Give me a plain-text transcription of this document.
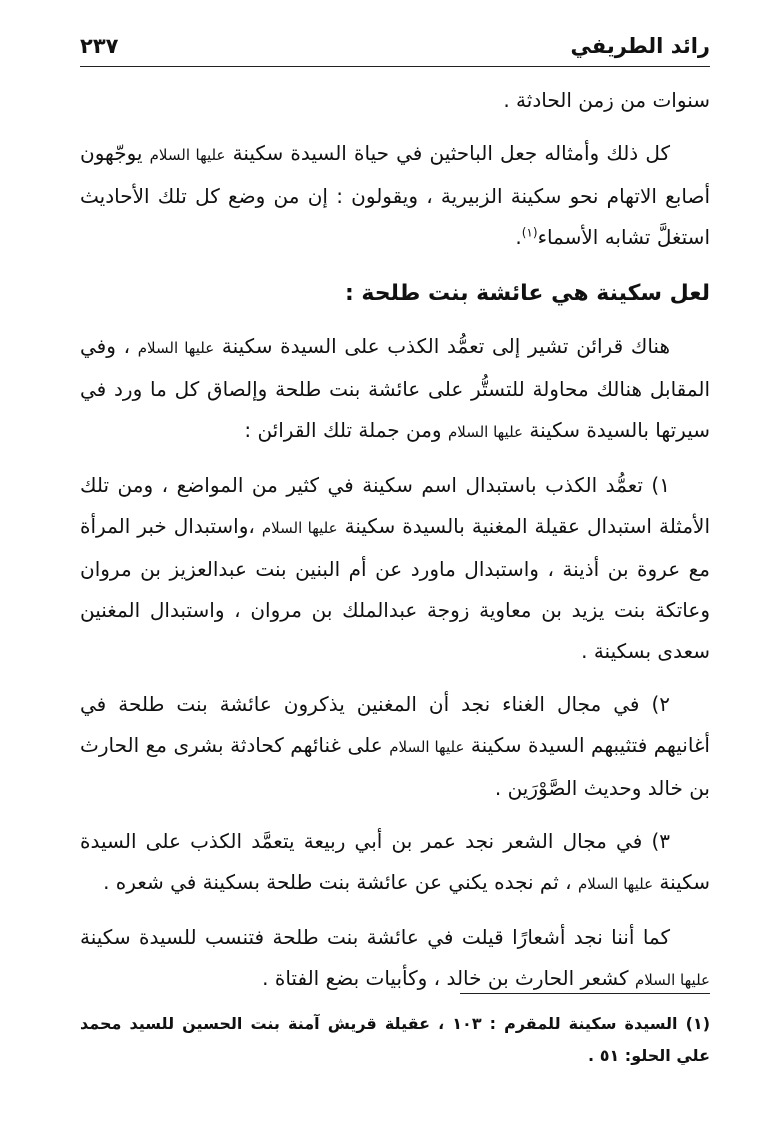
رائد الطريفي
٢٣٧

سنوات من زمن الحادثة .

كل ذلك وأمثاله جعل الباحثين في حياة السيدة سكينة عليها السلام يوجّهون أصابع الاتهام نحو سكينة الزبيرية ، ويقولون : إن من وضع كل تلك الأحاديث استغلَّ تشابه الأسماء$^{(١)}$.

لعل سكينة هي عائشة بنت طلحة :

هناك قرائن تشير إلى تعمُّد الكذب على السيدة سكينة عليها السلام ، وفي المقابل هنالك محاولة للتستُّر على عائشة بنت طلحة وإلصاق كل ما ورد في سيرتها بالسيدة سكينة عليها السلام ومن جملة تلك القرائن :

١) تعمُّد الكذب باستبدال اسم سكينة في كثير من المواضع ، ومن تلك الأمثلة استبدال عقيلة المغنية بالسيدة سكينة عليها السلام ،واستبدال خبر المرأة مع عروة بن أذينة ، واستبدال ماورد عن أم البنين بنت عبدالعزيز بن مروان وعاتكة بنت يزيد بن معاوية زوجة عبدالملك بن مروان ، واستبدال المغنين سعدى بسكينة .

٢) في مجال الغناء نجد أن المغنين يذكرون عائشة بنت طلحة في أغانيهم فتثيبهم السيدة سكينة عليها السلام على غنائهم كحادثة بشرى مع الحارث بن خالد وحديث الصَّوْرَين .

٣) في مجال الشعر نجد عمر بن أبي ربيعة يتعمَّد الكذب على السيدة سكينة عليها السلام ، ثم نجده يكني عن عائشة بنت طلحة بسكينة في شعره .

كما أننا نجد أشعارًا قيلت في عائشة بنت طلحة فتنسب للسيدة سكينة عليها السلام كشعر الحارث بن خالد ، وكأبيات بضع الفتاة .

(١) السيدة سكينة للمقرم : ١٠٣ ، عقيلة قريش آمنة بنت الحسين للسيد محمد علي الحلو: ٥١ .
